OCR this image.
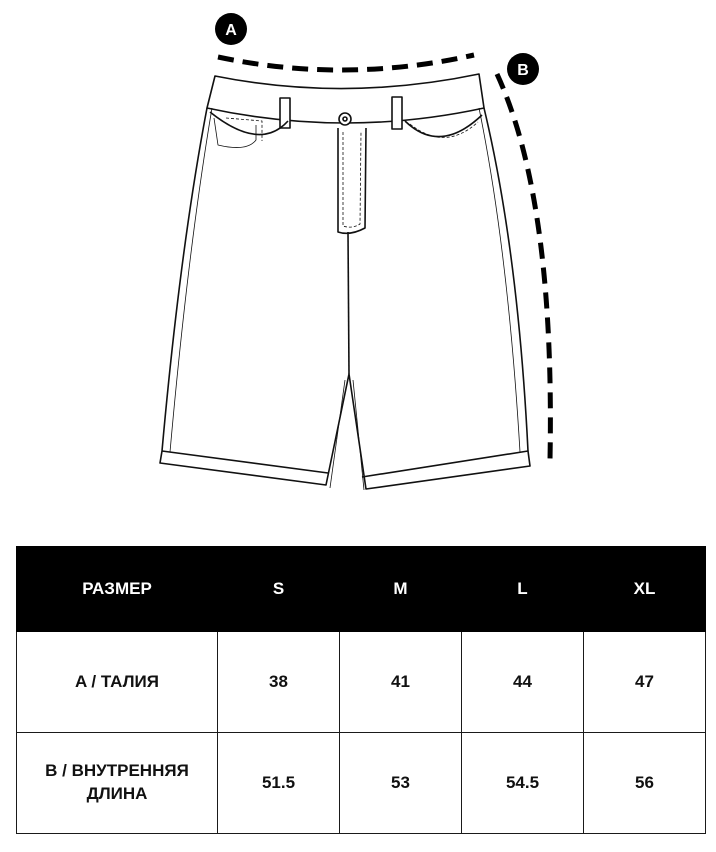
A
B
РАЗМЕР	S	M	L	XL
A / ТАЛИЯ	38	41	44	47
B / ВНУТРЕННЯЯ ДЛИНА	51.5	53	54.5	56
